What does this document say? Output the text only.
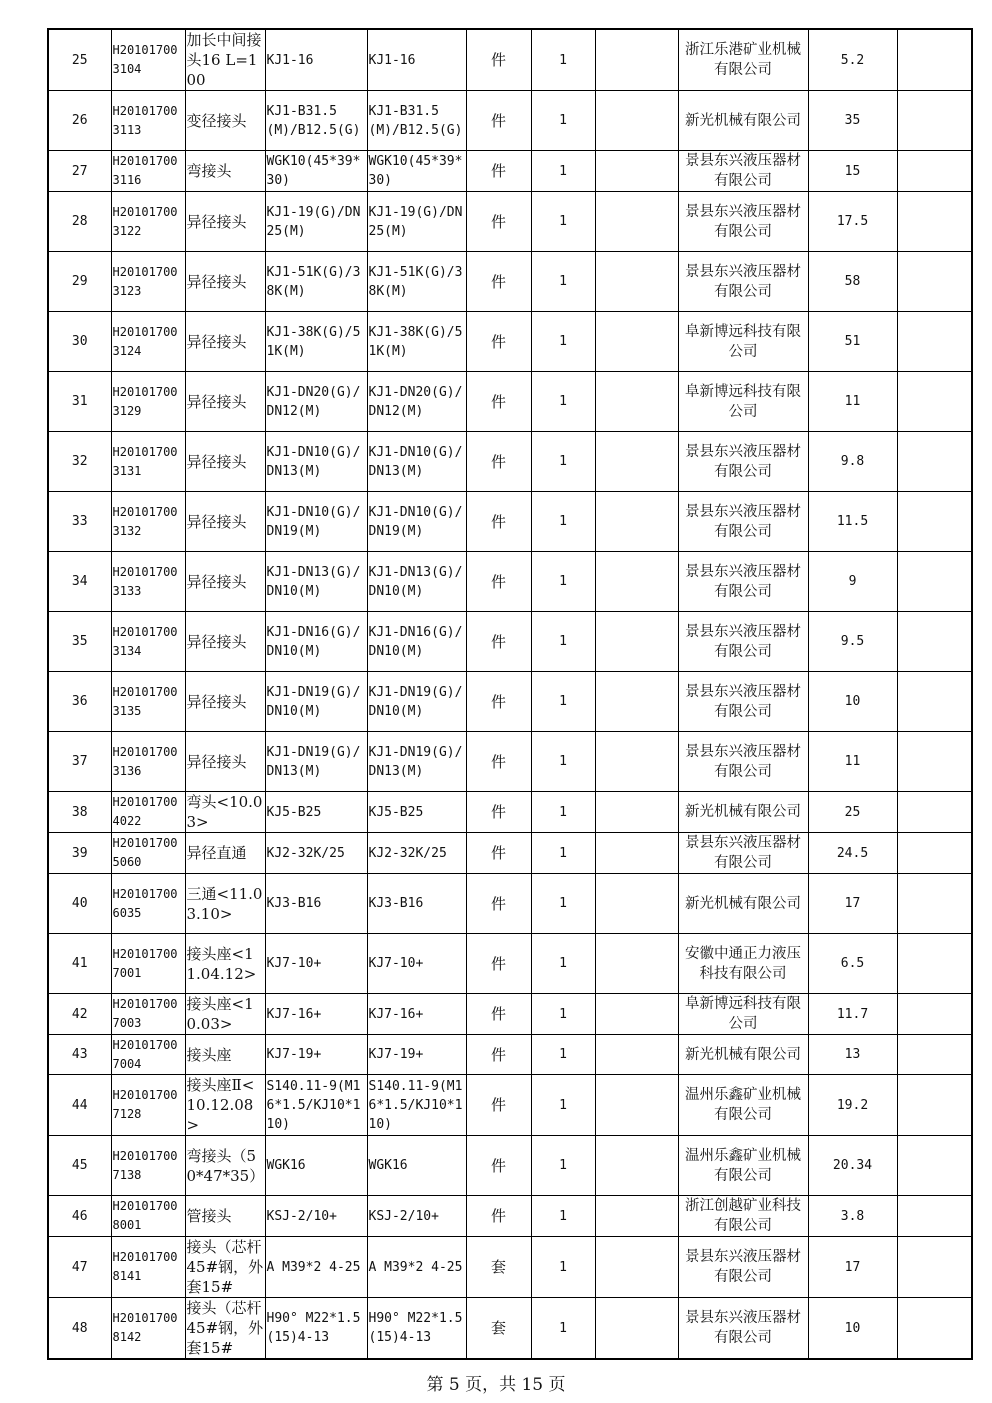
25	H201017003104	加长中间接头16 L=100	KJ1-16	KJ1-16	件	1		浙江乐港矿业机械有限公司	5.2	
26	H201017003113	变径接头	KJ1-B31.5(M)/B12.5(G)	KJ1-B31.5(M)/B12.5(G)	件	1		新光机械有限公司	35	
27	H201017003116	弯接头	WGK10(45*39*30)	WGK10(45*39*30)	件	1		景县东兴液压器材有限公司	15	
28	H201017003122	异径接头	KJ1-19(G)/DN25(M)	KJ1-19(G)/DN25(M)	件	1		景县东兴液压器材有限公司	17.5	
29	H201017003123	异径接头	KJ1-51K(G)/38K(M)	KJ1-51K(G)/38K(M)	件	1		景县东兴液压器材有限公司	58	
30	H201017003124	异径接头	KJ1-38K(G)/51K(M)	KJ1-38K(G)/51K(M)	件	1		阜新博远科技有限公司	51	
31	H201017003129	异径接头	KJ1-DN20(G)/DN12(M)	KJ1-DN20(G)/DN12(M)	件	1		阜新博远科技有限公司	11	
32	H201017003131	异径接头	KJ1-DN10(G)/DN13(M)	KJ1-DN10(G)/DN13(M)	件	1		景县东兴液压器材有限公司	9.8	
33	H201017003132	异径接头	KJ1-DN10(G)/DN19(M)	KJ1-DN10(G)/DN19(M)	件	1		景县东兴液压器材有限公司	11.5	
34	H201017003133	异径接头	KJ1-DN13(G)/DN10(M)	KJ1-DN13(G)/DN10(M)	件	1		景县东兴液压器材有限公司	9	
35	H201017003134	异径接头	KJ1-DN16(G)/DN10(M)	KJ1-DN16(G)/DN10(M)	件	1		景县东兴液压器材有限公司	9.5	
36	H201017003135	异径接头	KJ1-DN19(G)/DN10(M)	KJ1-DN19(G)/DN10(M)	件	1		景县东兴液压器材有限公司	10	
37	H201017003136	异径接头	KJ1-DN19(G)/DN13(M)	KJ1-DN19(G)/DN13(M)	件	1		景县东兴液压器材有限公司	11	
38	H201017004022	弯头<10.03>	KJ5-B25	KJ5-B25	件	1		新光机械有限公司	25	
39	H201017005060	异径直通	KJ2-32K/25	KJ2-32K/25	件	1		景县东兴液压器材有限公司	24.5	
40	H201017006035	三通<11.03.10>	KJ3-B16	KJ3-B16	件	1		新光机械有限公司	17	
41	H201017007001	接头座<11.04.12>	KJ7-10+	KJ7-10+	件	1		安徽中通正力液压科技有限公司	6.5	
42	H201017007003	接头座<10.03>	KJ7-16+	KJ7-16+	件	1		阜新博远科技有限公司	11.7	
43	H201017007004	接头座	KJ7-19+	KJ7-19+	件	1		新光机械有限公司	13	
44	H201017007128	接头座Ⅱ<10.12.08>	S140.11-9(M16*1.5/KJ10*110)	S140.11-9(M16*1.5/KJ10*110)	件	1		温州乐鑫矿业机械有限公司	19.2	
45	H201017007138	弯接头（50*47*35）	WGK16	WGK16	件	1		温州乐鑫矿业机械有限公司	20.34	
46	H201017008001	管接头	KSJ-2/10+	KSJ-2/10+	件	1		浙江创越矿业科技有限公司	3.8	
47	H201017008141	接头（芯杆45#钢，外套15#	A M39*2 4-25	A M39*2 4-25	套	1		景县东兴液压器材有限公司	17	
48	H201017008142	接头（芯杆45#钢，外套15#	H90° M22*1.5(15)4-13	H90° M22*1.5(15)4-13	套	1		景县东兴液压器材有限公司	10	
第 5 页，共 15 页
